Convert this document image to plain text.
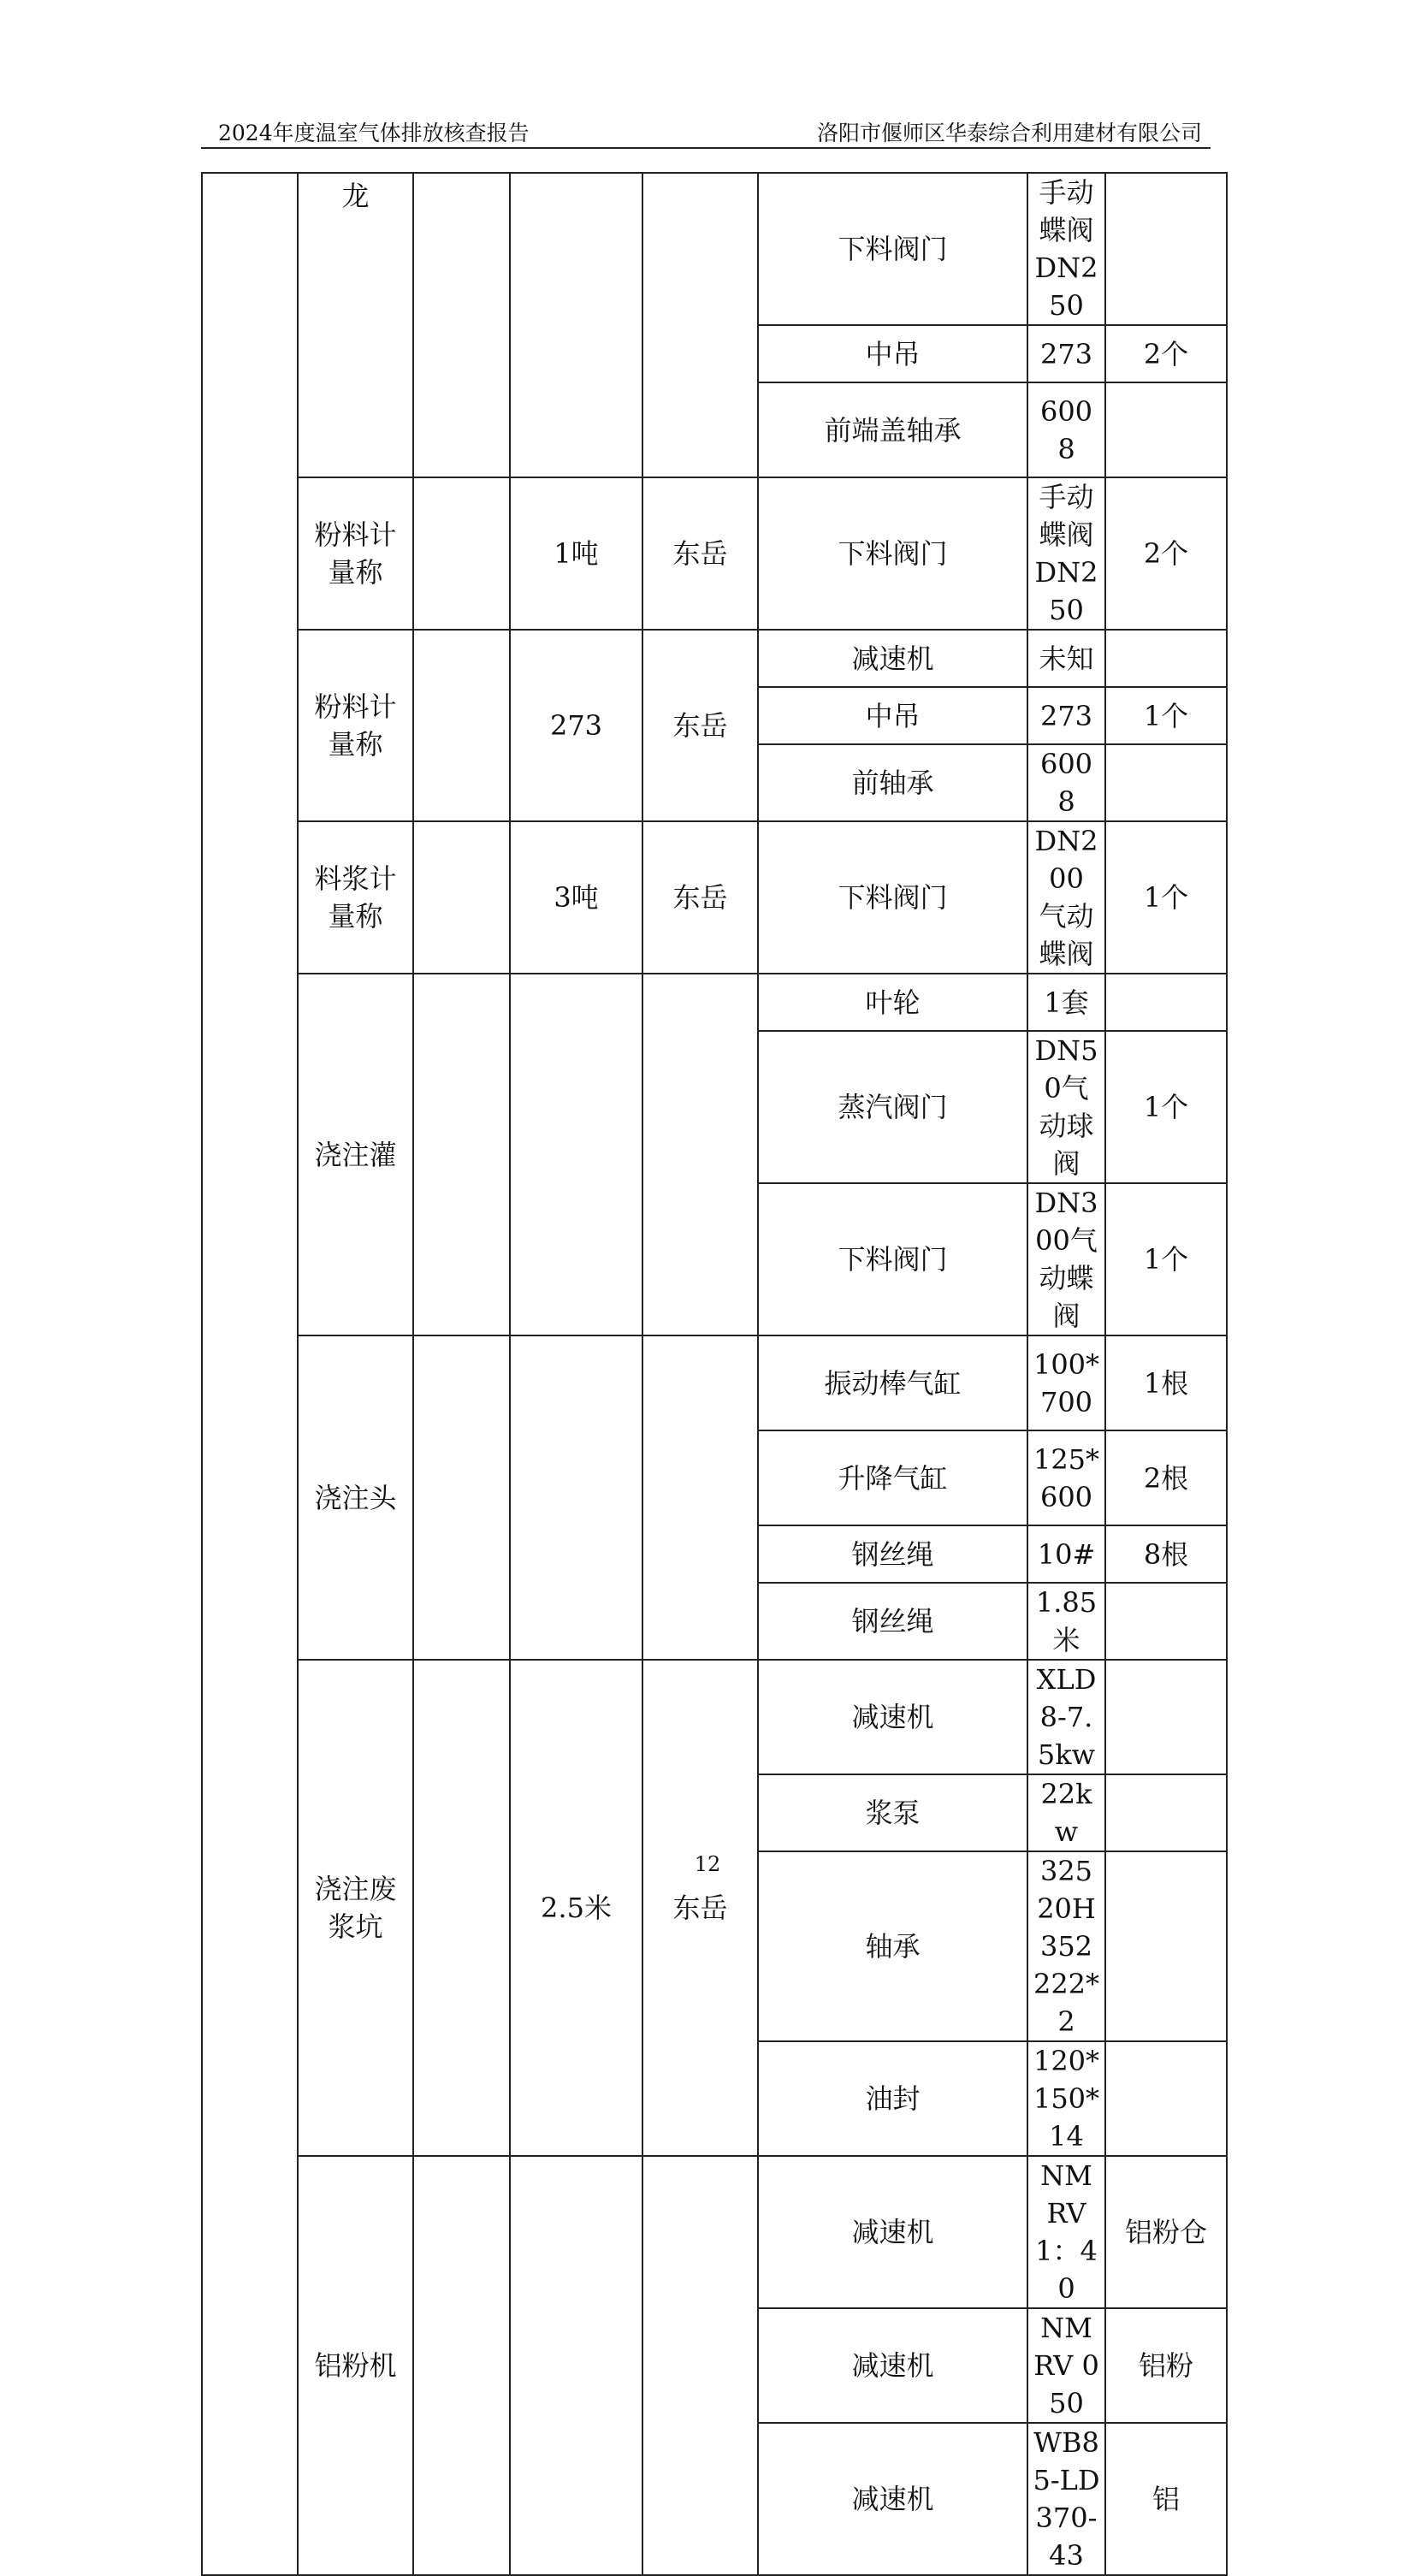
2024年度温室气体排放核查报告	洛阳市偃师区华泰综合利用建材有限公司
	龙				下料阀门	手动蝶阀 DN250	
					中吊	273	2个
					前端盖轴承	6008	
	粉料计量称		1吨	东岳	下料阀门	手动蝶阀 DN250	2个
	粉料计量称		273	东岳	减速机	未知	
					中吊	273	1个
					前轴承	6008	
	料浆计量称		3吨	东岳	下料阀门	DN200 气动蝶阀	1个
	浇注灌				叶轮	1套	
					蒸汽阀门	DN50气动球阀	1个
					下料阀门	DN300气动蝶阀	1个
	浇注头				振动棒气缸	100*700	1根
					升降气缸	125*600	2根
					钢丝绳	10#	8根
					钢丝绳	1.85米	
	浇注废浆坑		2.5米	东岳	减速机	XLD8-7.5kw	
					浆泵	22kw	
					轴承	32520H 352222*2	
					油封	120*150*14	
	铝粉机				减速机	NMRV 1：40	铝粉仓
					减速机	NMRV 050	铝粉
					减速机	WB85-LD370-43	铝
12
